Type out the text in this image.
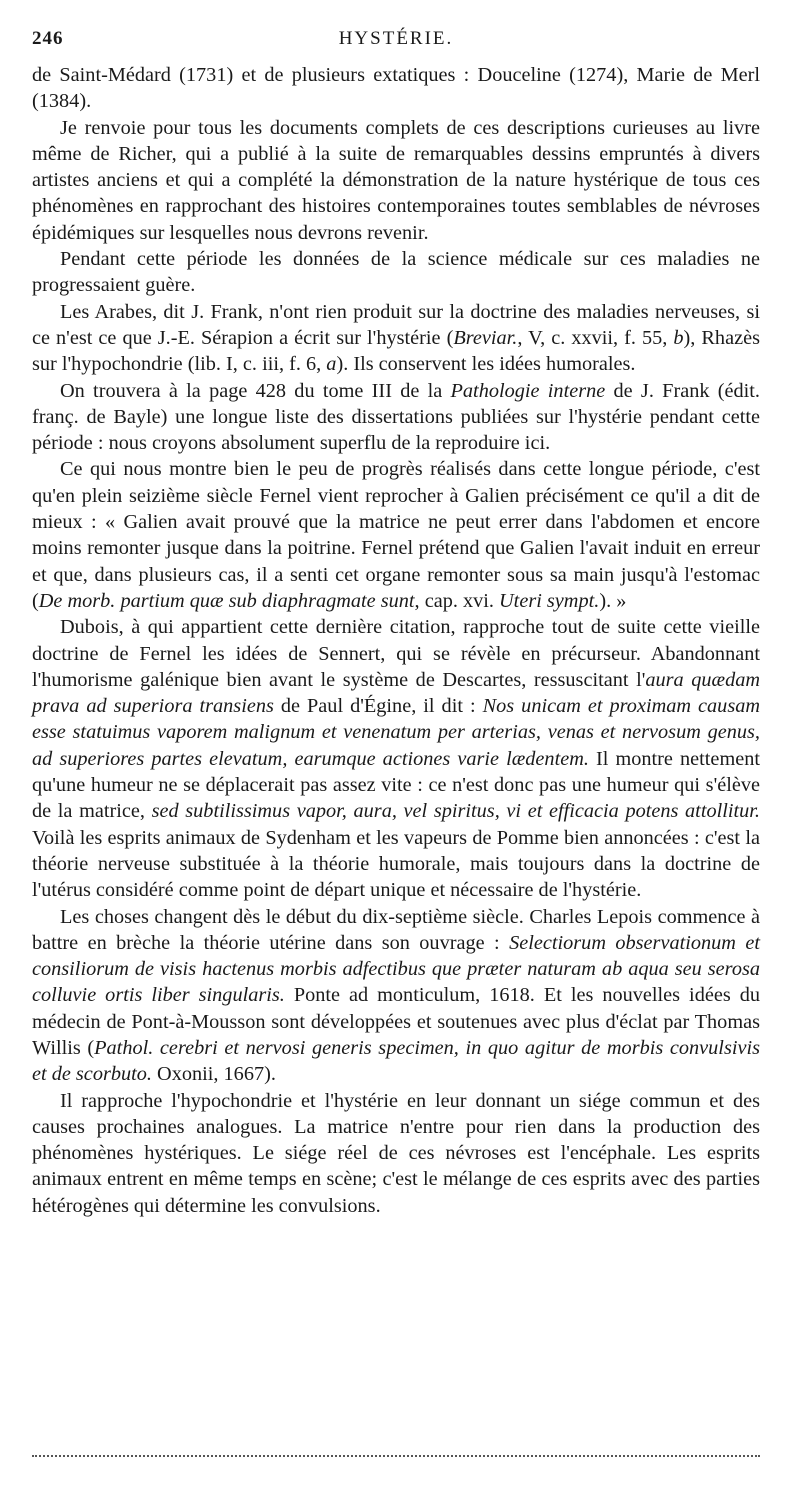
246	HYSTÉRIE.

de Saint-Médard (1731) et de plusieurs extatiques : Douceline (1274), Marie de Merl (1384).

Je renvoie pour tous les documents complets de ces descriptions curieuses au livre même de Richer, qui a publié à la suite de remarquables dessins empruntés à divers artistes anciens et qui a complété la démonstration de la nature hystérique de tous ces phénomènes en rapprochant des histoires contemporaines toutes semblables de névroses épidémiques sur lesquelles nous devrons revenir.

Pendant cette période les données de la science médicale sur ces maladies ne progressaient guère.

Les Arabes, dit J. Frank, n'ont rien produit sur la doctrine des maladies nerveuses, si ce n'est ce que J.-E. Sérapion a écrit sur l'hystérie (Breviar., V, c. xxvii, f. 55, b), Rhazès sur l'hypochondrie (lib. I, c. iii, f. 6, a). Ils conservent les idées humorales.

On trouvera à la page 428 du tome III de la Pathologie interne de J. Frank (édit. franç. de Bayle) une longue liste des dissertations publiées sur l'hystérie pendant cette période : nous croyons absolument superflu de la reproduire ici.

Ce qui nous montre bien le peu de progrès réalisés dans cette longue période, c'est qu'en plein seizième siècle Fernel vient reprocher à Galien précisément ce qu'il a dit de mieux : « Galien avait prouvé que la matrice ne peut errer dans l'abdomen et encore moins remonter jusque dans la poitrine. Fernel prétend que Galien l'avait induit en erreur et que, dans plusieurs cas, il a senti cet organe remonter sous sa main jusqu'à l'estomac (De morb. partium quæ sub diaphragmate sunt, cap. xvi. Uteri sympt.). »

Dubois, à qui appartient cette dernière citation, rapproche tout de suite cette vieille doctrine de Fernel les idées de Sennert, qui se révèle en précurseur. Abandonnant l'humorisme galénique bien avant le système de Descartes, ressuscitant l'aura quædam prava ad superiora transiens de Paul d'Égine, il dit : Nos unicam et proximam causam esse statuimus vaporem malignum et venenatum per arterias, venas et nervosum genus, ad superiores partes elevatum, earumque actiones varie lædentem. Il montre nettement qu'une humeur ne se déplacerait pas assez vite : ce n'est donc pas une humeur qui s'élève de la matrice, sed subtilissimus vapor, aura, vel spiritus, vi et efficacia potens attollitur. Voilà les esprits animaux de Sydenham et les vapeurs de Pomme bien annoncées : c'est la théorie nerveuse substituée à la théorie humorale, mais toujours dans la doctrine de l'utérus considéré comme point de départ unique et nécessaire de l'hystérie.

Les choses changent dès le début du dix-septième siècle. Charles Lepois commence à battre en brèche la théorie utérine dans son ouvrage : Selectiorum observationum et consiliorum de visis hactenus morbis adfectibus que præter naturam ab aqua seu serosa colluvie ortis liber singularis. Ponte ad monticulum, 1618. Et les nouvelles idées du médecin de Pont-à-Mousson sont développées et soutenues avec plus d'éclat par Thomas Willis (Pathol. cerebri et nervosi generis specimen, in quo agitur de morbis convulsivis et de scorbuto. Oxonii, 1667).

Il rapproche l'hypochondrie et l'hystérie en leur donnant un siége commun et des causes prochaines analogues. La matrice n'entre pour rien dans la production des phénomènes hystériques. Le siége réel de ces névroses est l'encéphale. Les esprits animaux entrent en même temps en scène; c'est le mélange de ces esprits avec des parties hétérogènes qui détermine les convulsions.
